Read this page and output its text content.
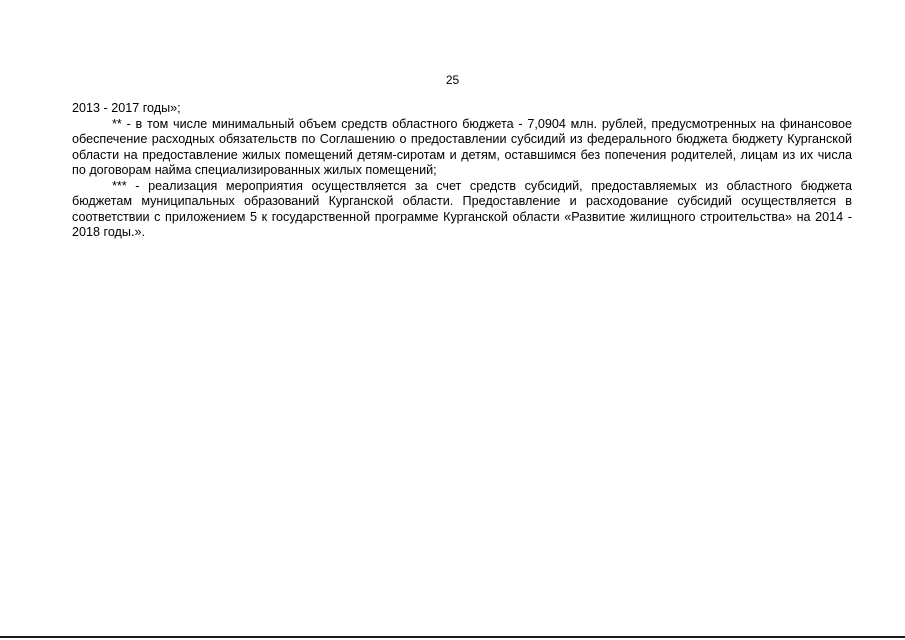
25

2013 - 2017 годы»;

** - в том числе минимальный объем средств областного бюджета - 7,0904 млн. рублей, предусмотренных на финансовое обеспечение расходных обязательств по Соглашению о предоставлении субсидий из федерального бюджета бюджету Курганской области на предоставление жилых помещений детям-сиротам и детям, оставшимся без попечения родителей, лицам из их числа по договорам найма специализированных жилых помещений;

*** - реализация мероприятия осуществляется за счет средств субсидий, предоставляемых из областного бюджета бюджетам муниципальных образований Курганской области. Предоставление и расходование субсидий осуществляется в соответствии с приложением 5 к государственной программе Курганской области «Развитие жилищного строительства» на 2014 - 2018 годы.».
